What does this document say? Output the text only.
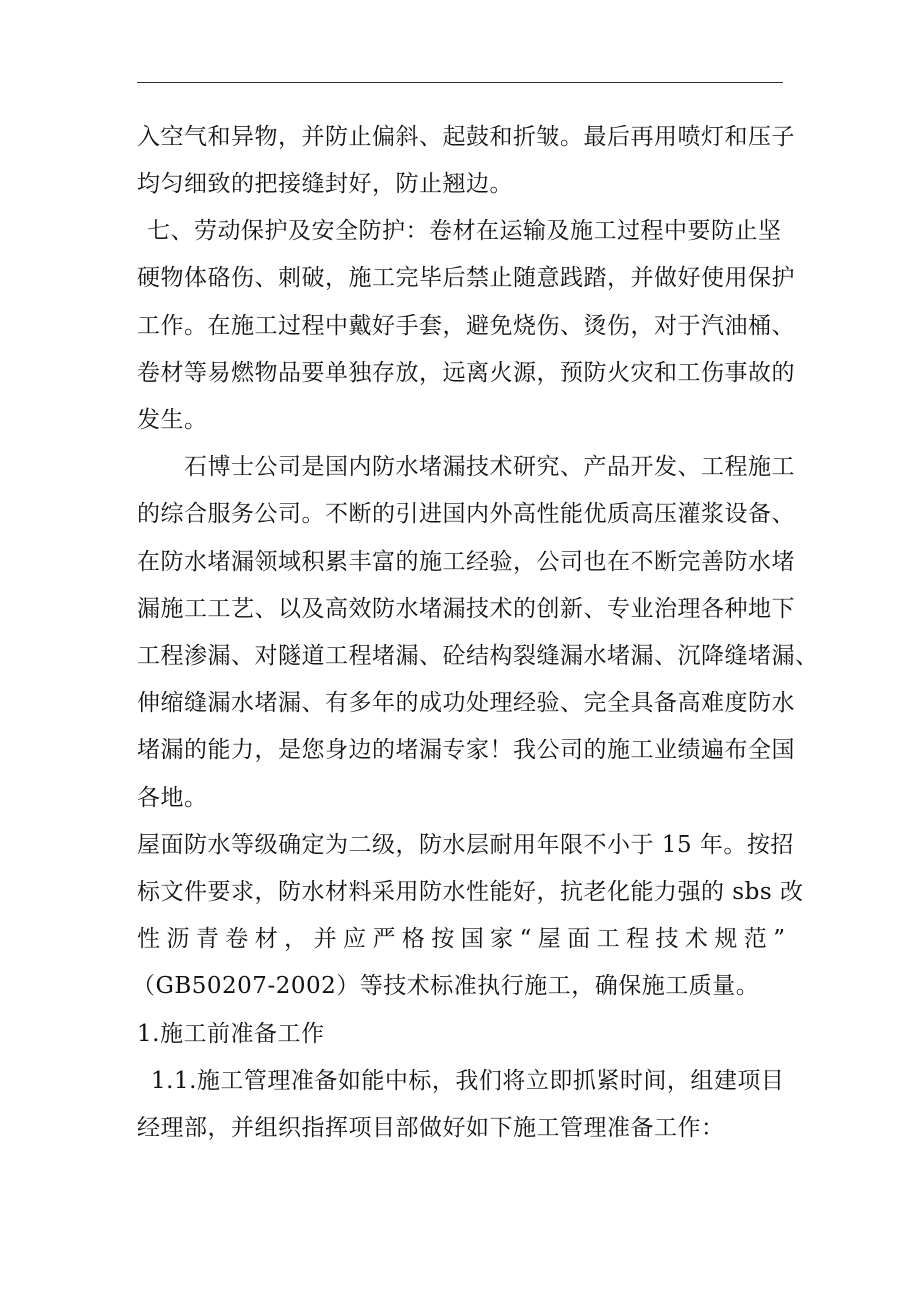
入空气和异物，并防止偏斜、起鼓和折皱。最后再用喷灯和压子
均匀细致的把接缝封好，防止翘边。
七、劳动保护及安全防护：卷材在运输及施工过程中要防止坚
硬物体硌伤、刺破，施工完毕后禁止随意践踏，并做好使用保护
工作。在施工过程中戴好手套，避免烧伤、烫伤，对于汽油桶、
卷材等易燃物品要单独存放，远离火源，预防火灾和工伤事故的
发生。
石博士公司是国内防水堵漏技术研究、产品开发、工程施工
的综合服务公司。不断的引进国内外高性能优质高压灌浆设备、
在防水堵漏领域积累丰富的施工经验，公司也在不断完善防水堵
漏施工工艺、以及高效防水堵漏技术的创新、专业治理各种地下
工程渗漏、对隧道工程堵漏、砼结构裂缝漏水堵漏、沉降缝堵漏、
伸缩缝漏水堵漏、有多年的成功处理经验、完全具备高难度防水
堵漏的能力，是您身边的堵漏专家！我公司的施工业绩遍布全国
各地。
屋面防水等级确定为二级，防水层耐用年限不小于 15 年。按招
标文件要求，防水材料采用防水性能好，抗老化能力强的 sbs 改
性沥青卷材，并应严格按国家“屋面工程技术规范”
（GB50207-2002）等技术标准执行施工，确保施工质量。
1.施工前准备工作
1.1.施工管理准备如能中标，我们将立即抓紧时间，组建项目
经理部，并组织指挥项目部做好如下施工管理准备工作：
